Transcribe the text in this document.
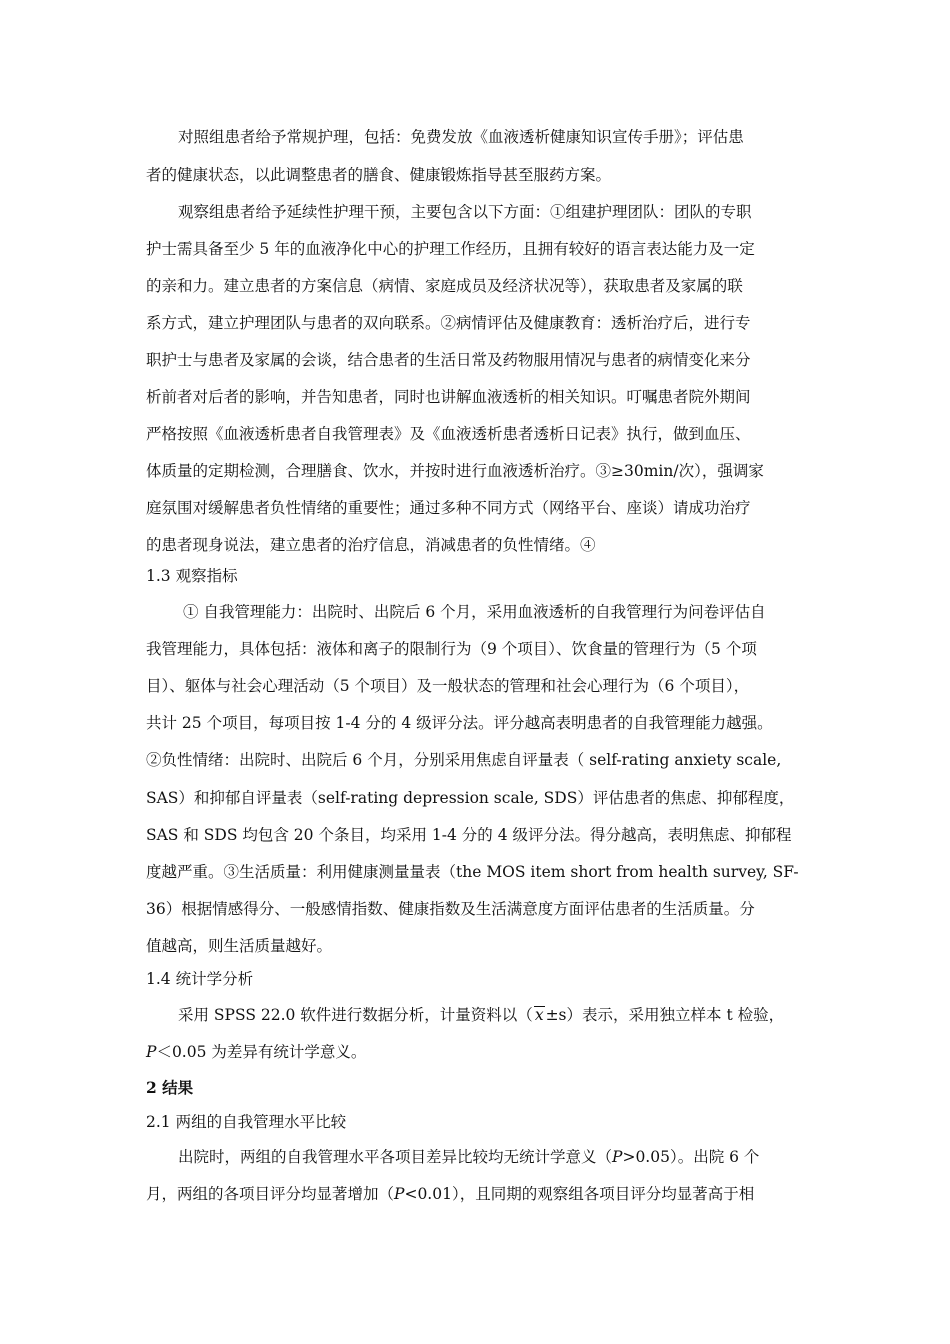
对照组患者给予常规护理，包括：免费发放《血液透析健康知识宣传手册》；评估患
者的健康状态，以此调整患者的膳食、健康锻炼指导甚至服药方案。
观察组患者给予延续性护理干预，主要包含以下方面：①组建护理团队：团队的专职
护士需具备至少 5 年的血液净化中心的护理工作经历，且拥有较好的语言表达能力及一定
的亲和力。建立患者的方案信息（病情、家庭成员及经济状况等），获取患者及家属的联
系方式，建立护理团队与患者的双向联系。②病情评估及健康教育：透析治疗后，进行专
职护士与患者及家属的会谈，结合患者的生活日常及药物服用情况与患者的病情变化来分
析前者对后者的影响，并告知患者，同时也讲解血液透析的相关知识。叮嘱患者院外期间
严格按照《血液透析患者自我管理表》及《血液透析患者透析日记表》执行，做到血压、
体质量的定期检测，合理膳食、饮水，并按时进行血液透析治疗。③≥30min/次），强调家
庭氛围对缓解患者负性情绪的重要性；通过多种不同方式（网络平台、座谈）请成功治疗
的患者现身说法，建立患者的治疗信息，消减患者的负性情绪。④
1.3 观察指标
① 自我管理能力：出院时、出院后 6 个月，采用血液透析的自我管理行为问卷评估自
我管理能力，具体包括：液体和离子的限制行为（9 个项目）、饮食量的管理行为（5 个项
目）、躯体与社会心理活动（5 个项目）及一般状态的管理和社会心理行为（6 个项目），
共计 25 个项目，每项目按 1-4 分的 4 级评分法。评分越高表明患者的自我管理能力越强。
②负性情绪：出院时、出院后 6 个月，分别采用焦虑自评量表（ self-rating anxiety scale,
SAS）和抑郁自评量表（self-rating depression scale, SDS）评估患者的焦虑、抑郁程度，
SAS 和 SDS 均包含 20 个条目，均采用 1-4 分的 4 级评分法。得分越高，表明焦虑、抑郁程
度越严重。③生活质量：利用健康测量量表（the MOS item short from health survey, SF-
36）根据情感得分、一般感情指数、健康指数及生活满意度方面评估患者的生活质量。分
值越高，则生活质量越好。
1.4 统计学分析
采用 SPSS 22.0 软件进行数据分析，计量资料以（ x ±s）表示，采用独立样本 t 检验，
P＜0.05 为差异有统计学意义。
2 结果
2.1 两组的自我管理水平比较
出院时，两组的自我管理水平各项目差异比较均无统计学意义（P>0.05）。出院 6 个
月，两组的各项目评分均显著增加（P<0.01），且同期的观察组各项目评分均显著高于相
